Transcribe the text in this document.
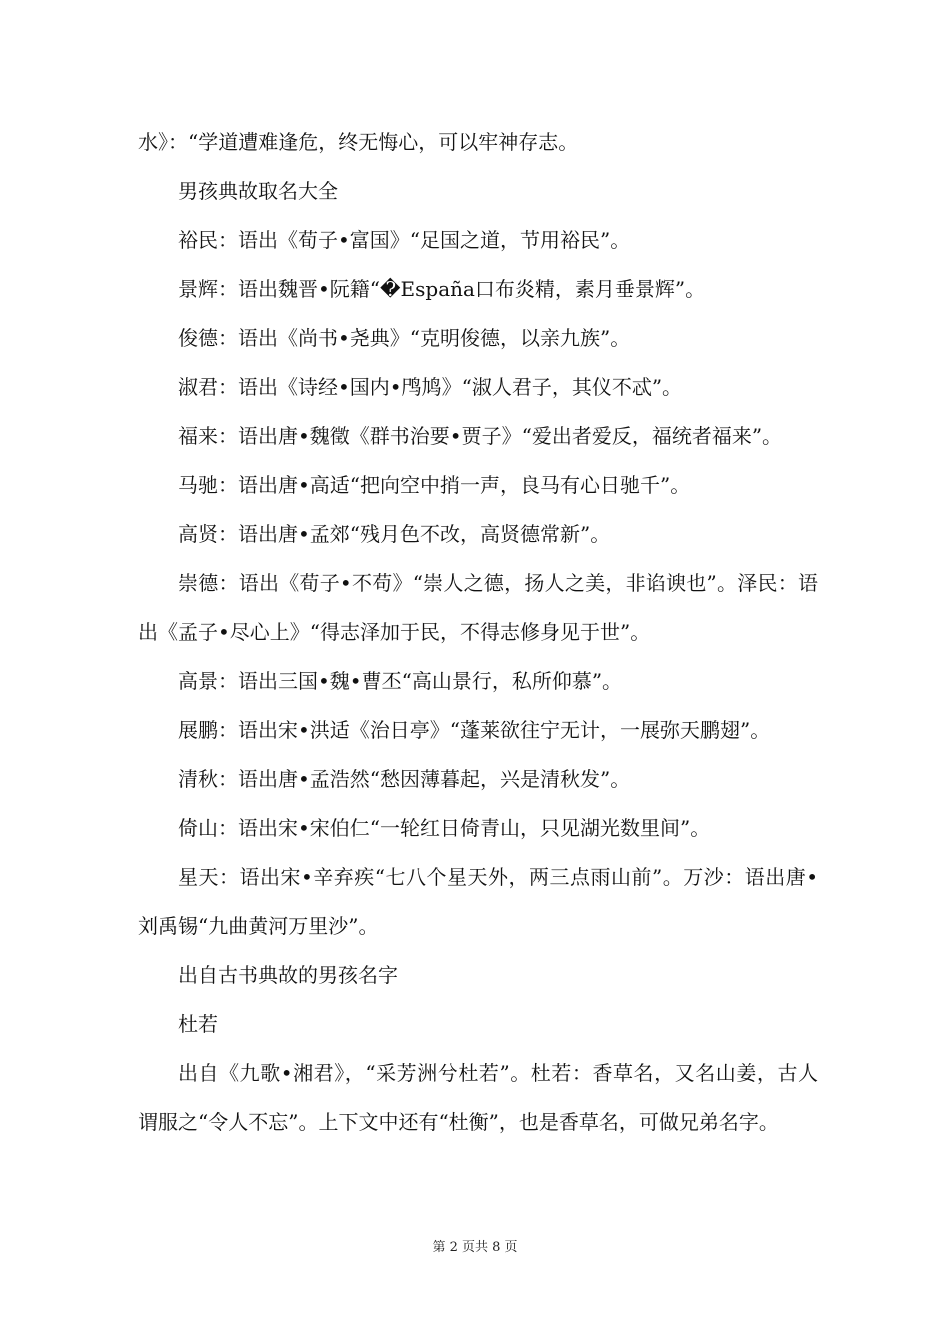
水》：“学道遭难逢危，终无悔心，可以牢神存志。

男孩典故取名大全

裕民：语出《荀子•富国》“足国之道，节用裕民”。

景辉：语出魏晋•阮籍“�España口布炎精，素月垂景辉”。

俊德：语出《尚书•尧典》“克明俊德，以亲九族”。

淑君：语出《诗经•国内•鸤鸠》“淑人君子，其仪不忒”。

福来：语出唐•魏徵《群书治要•贾子》“爱出者爱反，福统者福来”。

马驰：语出唐•高适“把向空中捎一声，良马有心日驰千”。

高贤：语出唐•孟郊“残月色不改，高贤德常新”。

崇德：语出《荀子•不苟》“崇人之德，扬人之美，非谄谀也”。泽民：语出《孟子•尽心上》“得志泽加于民，不得志修身见于世”。

高景：语出三国•魏•曹丕“高山景行，私所仰慕”。

展鹏：语出宋•洪适《治日亭》“蓬莱欲往宁无计，一展弥天鹏翅”。

清秋：语出唐•孟浩然“愁因薄暮起，兴是清秋发”。

倚山：语出宋•宋伯仁“一轮红日倚青山，只见湖光数里间”。

星天：语出宋•辛弃疾“七八个星天外，两三点雨山前”。万沙：语出唐•刘禹锡“九曲黄河万里沙”。

出自古书典故的男孩名字

杜若

出自《九歌•湘君》，“采芳洲兮杜若”。杜若：香草名，又名山姜，古人谓服之“令人不忘”。上下文中还有“杜衡”，也是香草名，可做兄弟名字。

第 2 页共 8 页
